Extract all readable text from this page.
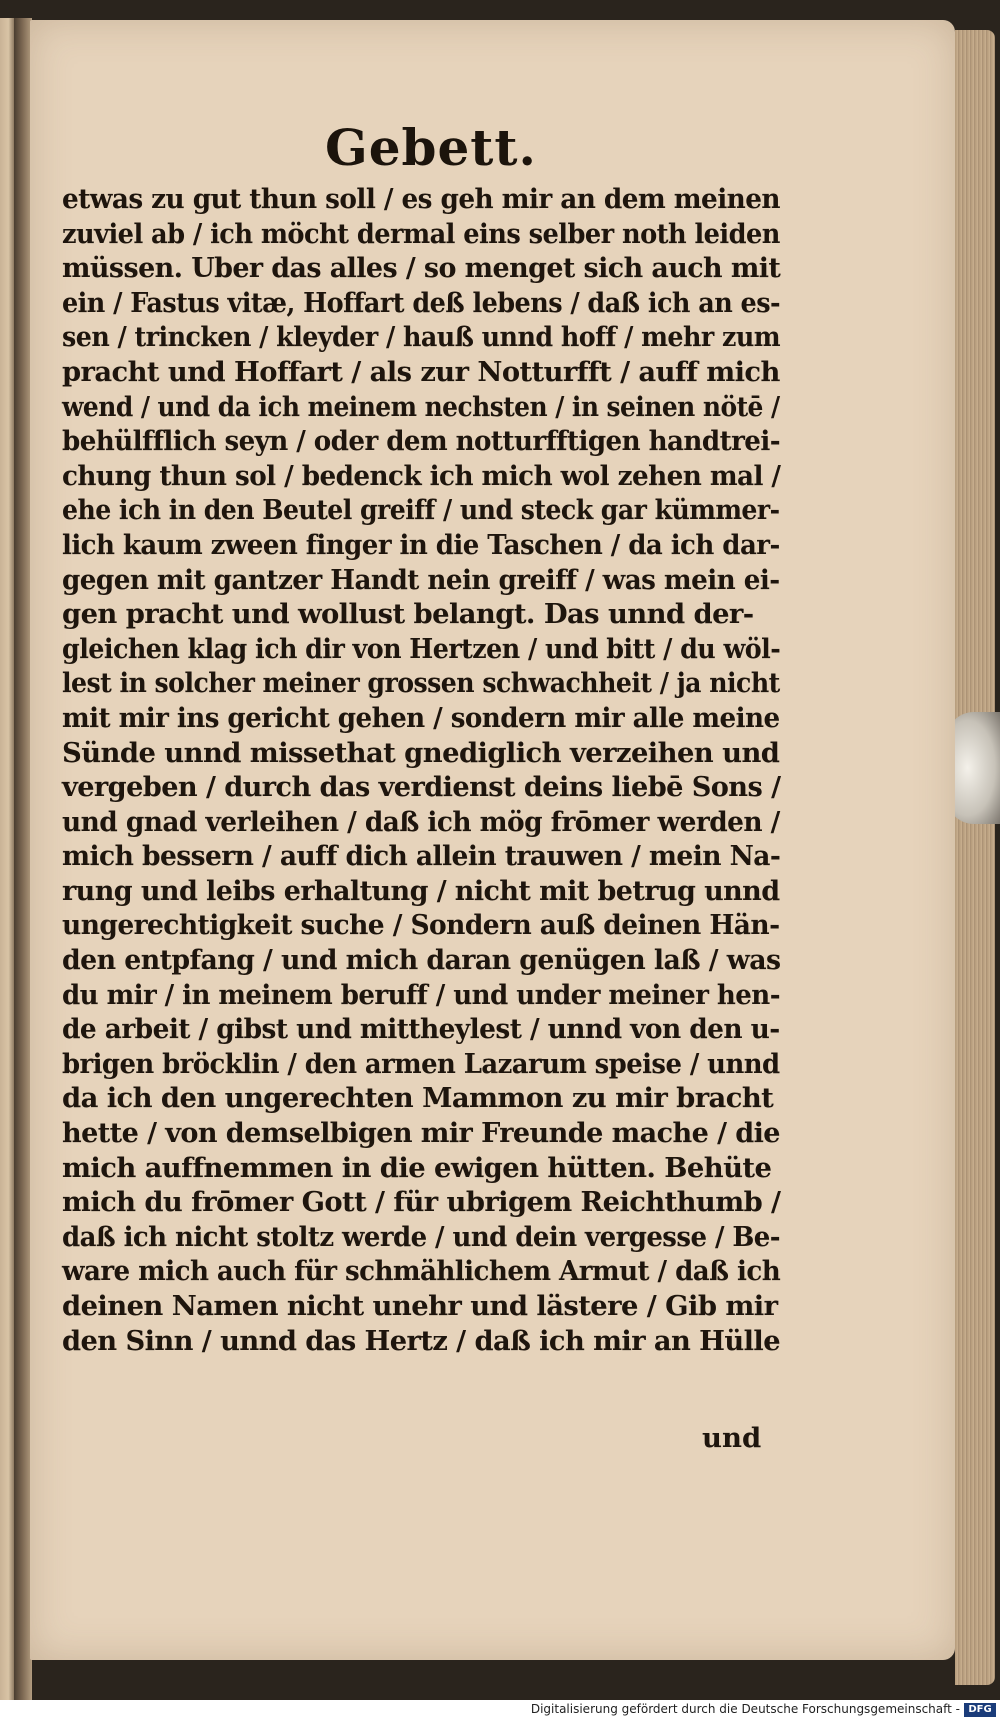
Gebett.
etwas zu gut thun soll / es geh mir an dem meinen
zuviel ab / ich möcht dermal eins selber noth leiden
müssen. Uber das alles / so menget sich auch mit
ein / Fastus vitæ, Hoffart deß lebens / daß ich an es-
sen / trincken / kleyder / hauß unnd hoff / mehr zum
pracht und Hoffart / als zur Notturfft / auff mich
wend / und da ich meinem nechsten / in seinen nötē /
behülfflich seyn / oder dem notturfftigen handtrei-
chung thun sol / bedenck ich mich wol zehen mal /
ehe ich in den Beutel greiff / und steck gar kümmer-
lich kaum zween finger in die Taschen / da ich dar-
gegen mit gantzer Handt nein greiff / was mein ei-
gen pracht und wollust belangt. Das unnd der-
gleichen klag ich dir von Hertzen / und bitt / du wöl-
lest in solcher meiner grossen schwachheit / ja nicht
mit mir ins gericht gehen / sondern mir alle meine
Sünde unnd missethat gnediglich verzeihen und
vergeben / durch das verdienst deins liebē Sons /
und gnad verleihen / daß ich mög frōmer werden /
mich bessern / auff dich allein trauwen / mein Na-
rung und leibs erhaltung / nicht mit betrug unnd
ungerechtigkeit suche / Sondern auß deinen Hän-
den entpfang / und mich daran genügen laß / was
du mir / in meinem beruff / und under meiner hen-
de arbeit / gibst und mittheylest / unnd von den u-
brigen bröcklin / den armen Lazarum speise / unnd
da ich den ungerechten Mammon zu mir bracht
hette / von demselbigen mir Freunde mache / die
mich auffnemmen in die ewigen hütten. Behüte
mich du frōmer Gott / für ubrigem Reichthumb /
daß ich nicht stoltz werde / und dein vergesse / Be-
ware mich auch für schmählichem Armut / daß ich
deinen Namen nicht unehr und lästere / Gib mir
den Sinn / unnd das Hertz / daß ich mir an Hülle
und
Digitalisierung gefördert durch die Deutsche Forschungsgemeinschaft - DFG
